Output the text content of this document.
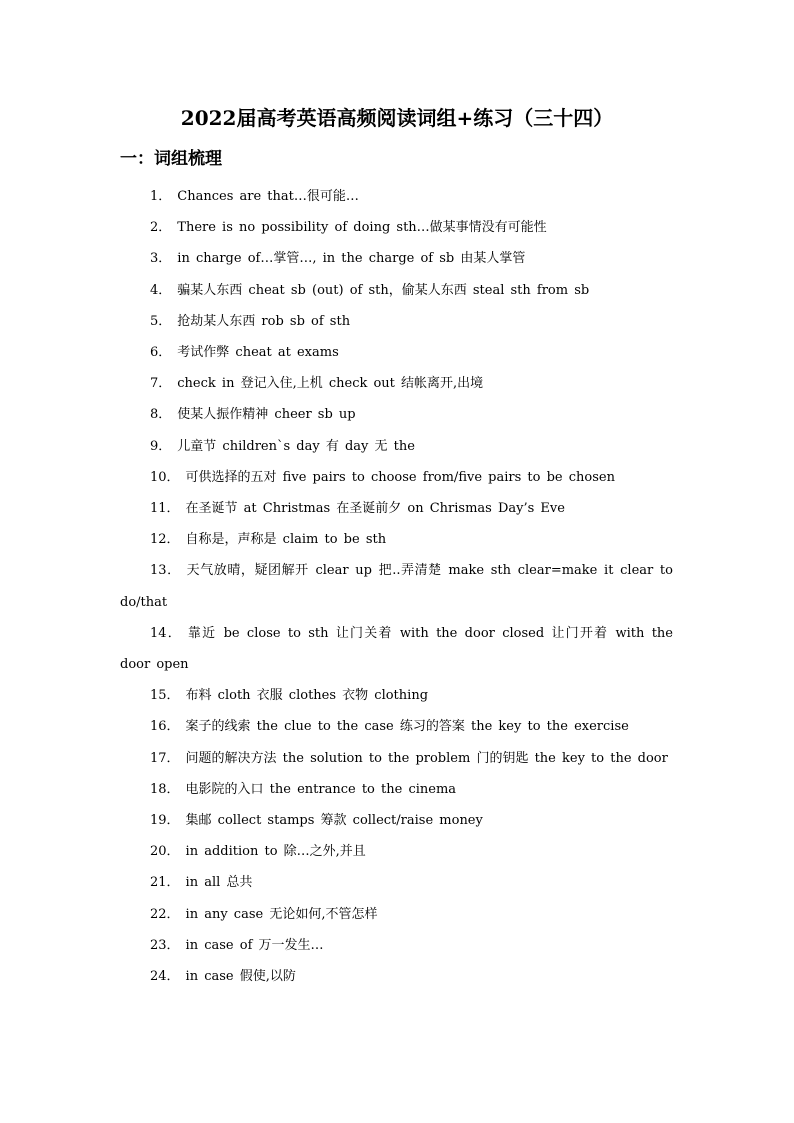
2022届高考英语高频阅读词组+练习（三十四）
一：词组梳理
1． Chances are that…很可能…
2． There is no possibility of doing sth…做某事情没有可能性
3． in charge of…掌管…, in the charge of sb 由某人掌管
4． 骗某人东西 cheat sb (out) of sth，偷某人东西 steal sth from sb
5． 抢劫某人东西 rob sb of sth
6． 考试作弊 cheat at exams
7． check in 登记入住,上机 check out 结帐离开,出境
8． 使某人振作精神 cheer sb up
9． 儿童节 children`s day 有 day 无 the
10． 可供选择的五对 five pairs to choose from/five pairs to be chosen
11． 在圣诞节 at Christmas 在圣诞前夕 on Chrismas Day’s Eve
12． 自称是，声称是 claim to be sth
13． 天气放晴，疑团解开 clear up 把..弄清楚 make sth clear=make it clear to do/that
14． 靠近 be close to sth 让门关着 with the door closed 让门开着 with the door open
15． 布料 cloth 衣服 clothes 衣物 clothing
16． 案子的线索 the clue to the case 练习的答案 the key to the exercise
17． 问题的解决方法 the solution to the problem 门的钥匙 the key to the door
18． 电影院的入口 the entrance to the cinema
19． 集邮 collect stamps 筹款 collect/raise money
20． in addition to 除…之外,并且
21． in all 总共
22． in any case 无论如何,不管怎样
23． in case of 万一发生…
24． in case 假使,以防
